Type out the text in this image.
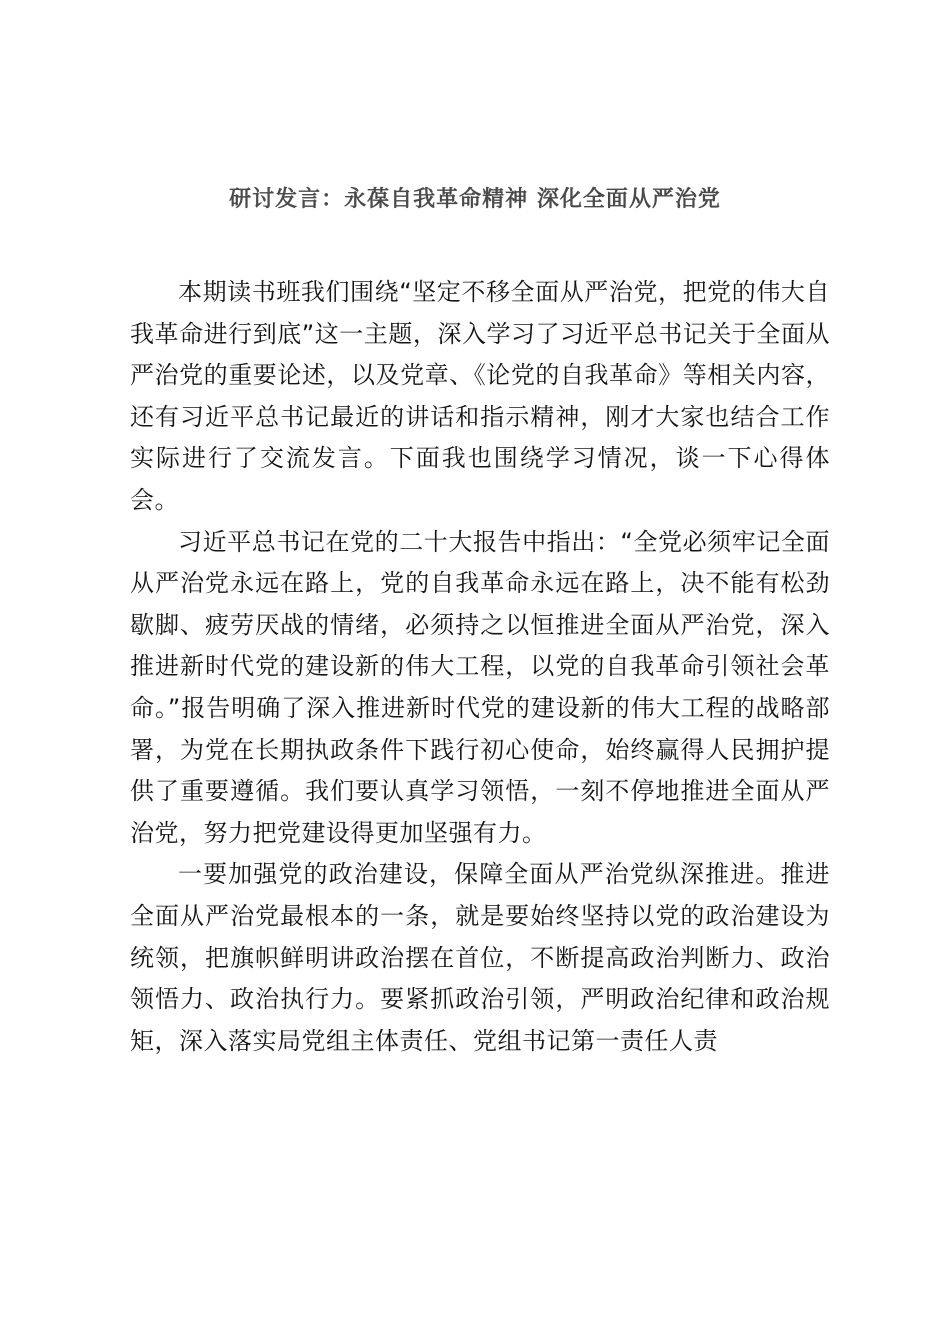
研讨发言：永葆自我革命精神 深化全面从严治党

本期读书班我们围绕“坚定不移全面从严治党，把党的伟大自我革命进行到底”这一主题，深入学习了习近平总书记关于全面从严治党的重要论述，以及党章、《论党的自我革命》等相关内容，还有习近平总书记最近的讲话和指示精神，刚才大家也结合工作实际进行了交流发言。下面我也围绕学习情况，谈一下心得体会。

习近平总书记在党的二十大报告中指出：“全党必须牢记全面从严治党永远在路上，党的自我革命永远在路上，决不能有松劲歇脚、疲劳厌战的情绪，必须持之以恒推进全面从严治党，深入推进新时代党的建设新的伟大工程，以党的自我革命引领社会革命。”报告明确了深入推进新时代党的建设新的伟大工程的战略部署，为党在长期执政条件下践行初心使命，始终赢得人民拥护提供了重要遵循。我们要认真学习领悟，一刻不停地推进全面从严治党，努力把党建设得更加坚强有力。

一要加强党的政治建设，保障全面从严治党纵深推进。推进全面从严治党最根本的一条，就是要始终坚持以党的政治建设为统领，把旗帜鲜明讲政治摆在首位，不断提高政治判断力、政治领悟力、政治执行力。要紧抓政治引领，严明政治纪律和政治规矩，深入落实局党组主体责任、党组书记第一责任人责
